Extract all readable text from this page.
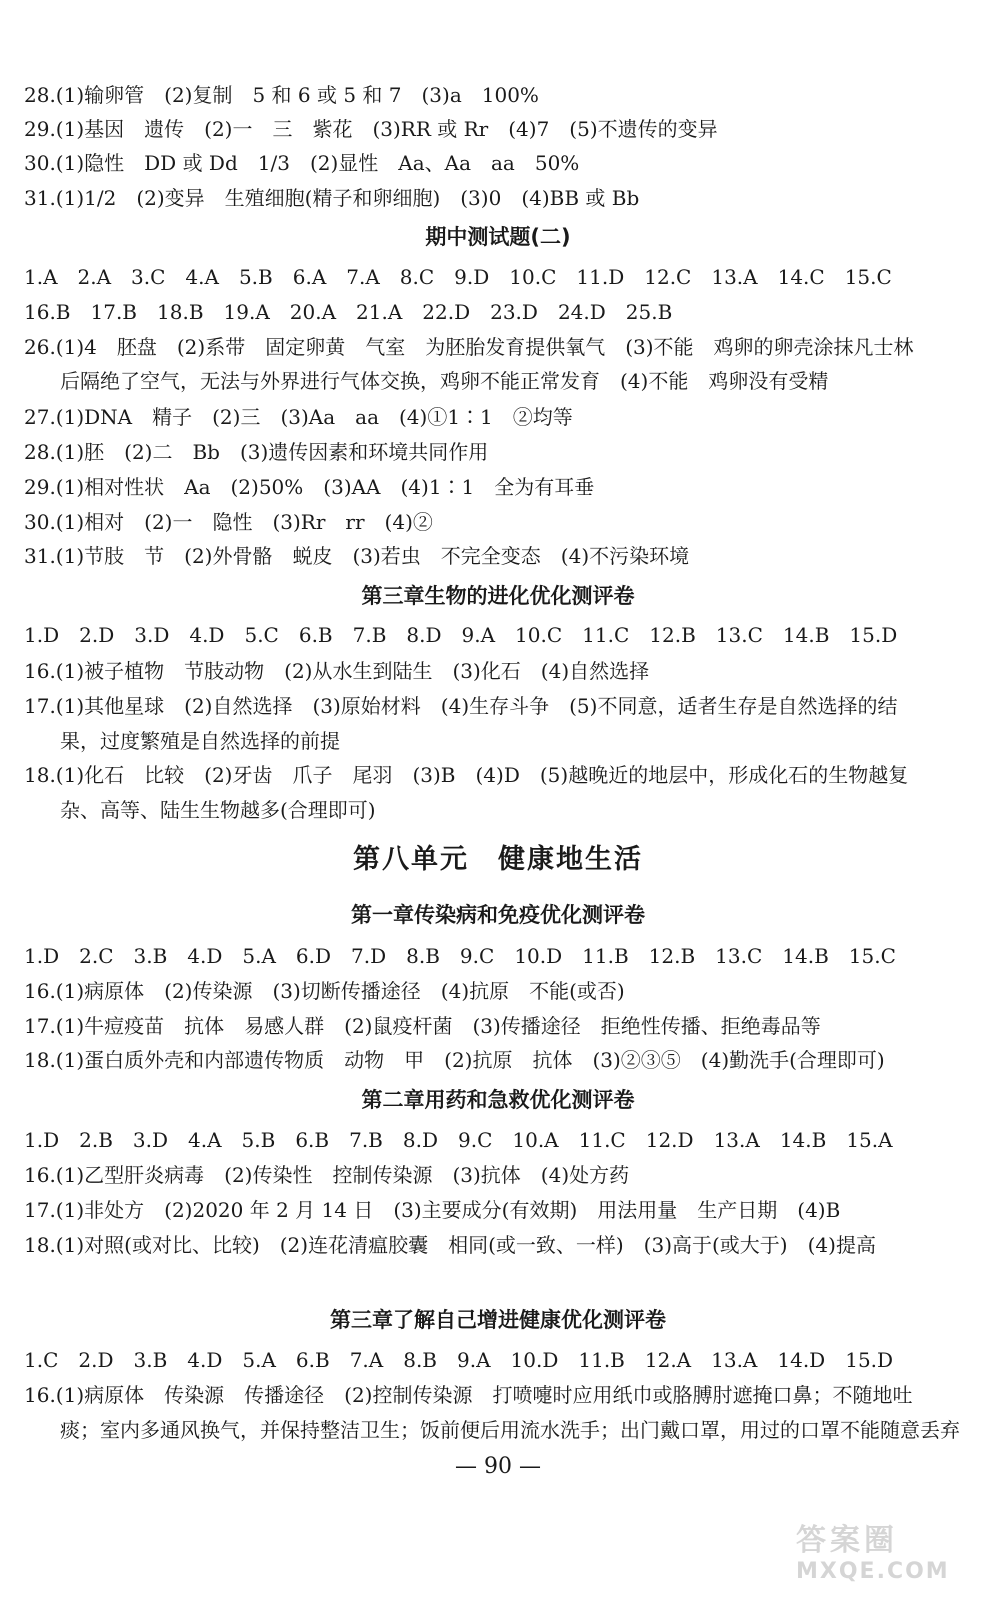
28.(1)输卵管　(2)复制　5 和 6 或 5 和 7　(3)a　100%
29.(1)基因　遗传　(2)一　三　紫花　(3)RR 或 Rr　(4)7　(5)不遗传的变异
30.(1)隐性　DD 或 Dd　1/3　(2)显性　Aa、Aa　aa　50%
31.(1)1/2　(2)变异　生殖细胞(精子和卵细胞)　(3)0　(4)BB 或 Bb
期中测试题(二)
1.A　2.A　3.C　4.A　5.B　6.A　7.A　8.C　9.D　10.C　11.D　12.C　13.A　14.C　15.C
16.B　17.B　18.B　19.A　20.A　21.A　22.D　23.D　24.D　25.B
26.(1)4　胚盘　(2)系带　固定卵黄　气室　为胚胎发育提供氧气　(3)不能　鸡卵的卵壳涂抹凡士林
后隔绝了空气，无法与外界进行气体交换，鸡卵不能正常发育　(4)不能　鸡卵没有受精
27.(1)DNA　精子　(2)三　(3)Aa　aa　(4)①1∶1　②均等
28.(1)胚　(2)二　Bb　(3)遗传因素和环境共同作用
29.(1)相对性状　Aa　(2)50%　(3)AA　(4)1∶1　全为有耳垂
30.(1)相对　(2)一　隐性　(3)Rr　rr　(4)②
31.(1)节肢　节　(2)外骨骼　蜕皮　(3)若虫　不完全变态　(4)不污染环境
第三章生物的进化优化测评卷
1.D　2.D　3.D　4.D　5.C　6.B　7.B　8.D　9.A　10.C　11.C　12.B　13.C　14.B　15.D
16.(1)被子植物　节肢动物　(2)从水生到陆生　(3)化石　(4)自然选择
17.(1)其他星球　(2)自然选择　(3)原始材料　(4)生存斗争　(5)不同意，适者生存是自然选择的结
果，过度繁殖是自然选择的前提
18.(1)化石　比较　(2)牙齿　爪子　尾羽　(3)B　(4)D　(5)越晚近的地层中，形成化石的生物越复
杂、高等、陆生生物越多(合理即可)
第八单元　健康地生活
第一章传染病和免疫优化测评卷
1.D　2.C　3.B　4.D　5.A　6.D　7.D　8.B　9.C　10.D　11.B　12.B　13.C　14.B　15.C
16.(1)病原体　(2)传染源　(3)切断传播途径　(4)抗原　不能(或否)
17.(1)牛痘疫苗　抗体　易感人群　(2)鼠疫杆菌　(3)传播途径　拒绝性传播、拒绝毒品等
18.(1)蛋白质外壳和内部遗传物质　动物　甲　(2)抗原　抗体　(3)②③⑤　(4)勤洗手(合理即可)
第二章用药和急救优化测评卷
1.D　2.B　3.D　4.A　5.B　6.B　7.B　8.D　9.C　10.A　11.C　12.D　13.A　14.B　15.A
16.(1)乙型肝炎病毒　(2)传染性　控制传染源　(3)抗体　(4)处方药
17.(1)非处方　(2)2020 年 2 月 14 日　(3)主要成分(有效期)　用法用量　生产日期　(4)B
18.(1)对照(或对比、比较)　(2)连花清瘟胶囊　相同(或一致、一样)　(3)高于(或大于)　(4)提高
第三章了解自己增进健康优化测评卷
1.C　2.D　3.B　4.D　5.A　6.B　7.A　8.B　9.A　10.D　11.B　12.A　13.A　14.D　15.D
16.(1)病原体　传染源　传播途径　(2)控制传染源　打喷嚏时应用纸巾或胳膊肘遮掩口鼻；不随地吐
痰；室内多通风换气，并保持整洁卫生；饭前便后用流水洗手；出门戴口罩，用过的口罩不能随意丢弃
— 90 —
答案圈
MXQE.COM
